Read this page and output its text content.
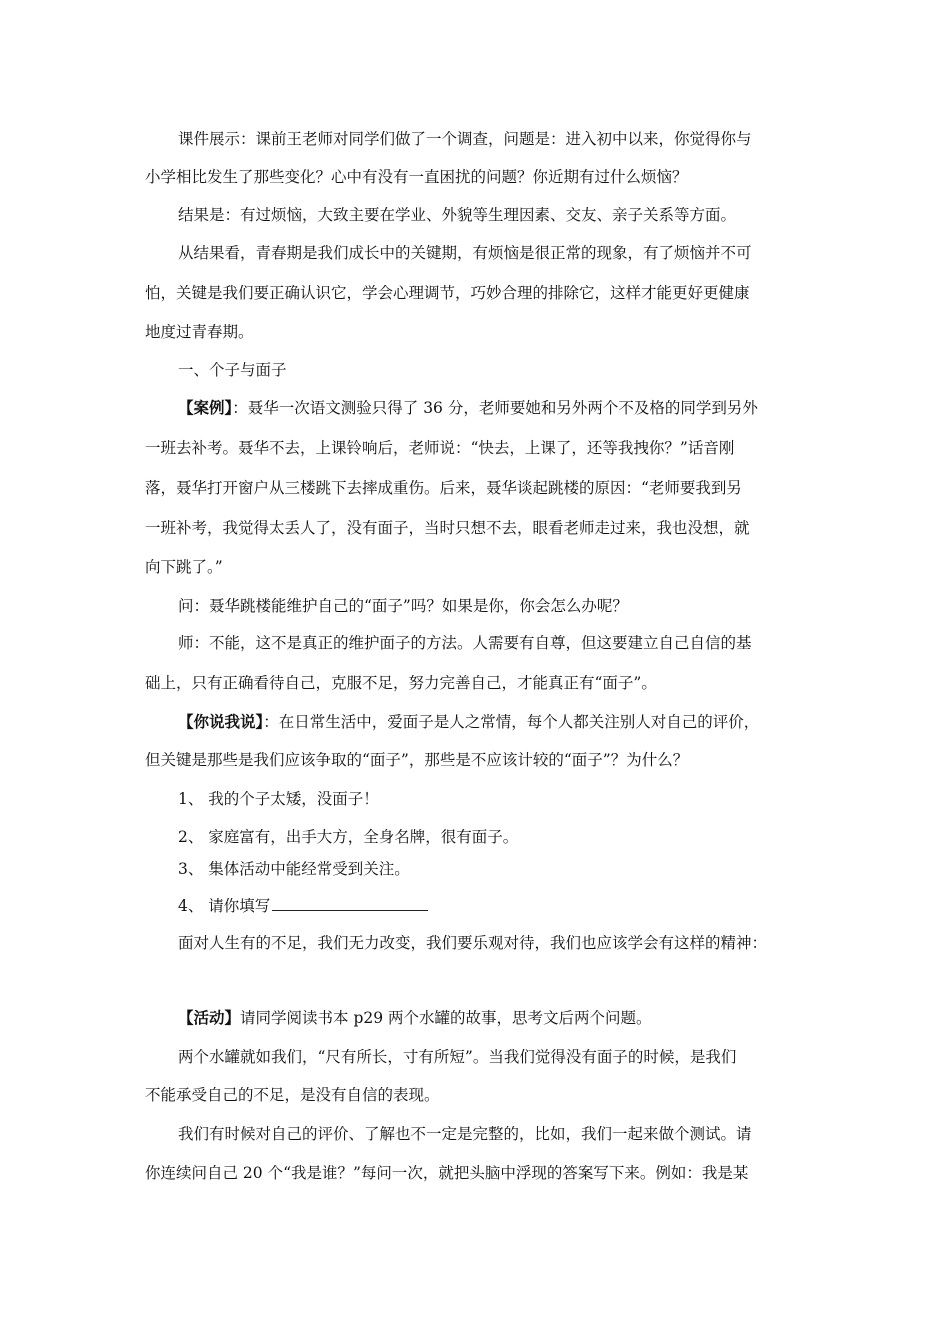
课件展示：课前王老师对同学们做了一个调查，问题是：进入初中以来，你觉得你与
小学相比发生了那些变化？心中有没有一直困扰的问题？你近期有过什么烦恼？
结果是：有过烦恼，大致主要在学业、外貌等生理因素、交友、亲子关系等方面。
从结果看，青春期是我们成长中的关键期，有烦恼是很正常的现象，有了烦恼并不可
怕，关键是我们要正确认识它，学会心理调节，巧妙合理的排除它，这样才能更好更健康
地度过青春期。
一、个子与面子
【案例】：聂华一次语文测验只得了 36 分，老师要她和另外两个不及格的同学到另外
一班去补考。聂华不去，上课铃响后，老师说：“快去，上课了，还等我拽你？”话音刚
落，聂华打开窗户从三楼跳下去摔成重伤。后来，聂华谈起跳楼的原因：“老师要我到另
一班补考，我觉得太丢人了，没有面子，当时只想不去，眼看老师走过来，我也没想，就
向下跳了。”
问：聂华跳楼能维护自己的“面子”吗？如果是你，你会怎么办呢？
师：不能，这不是真正的维护面子的方法。人需要有自尊，但这要建立自己自信的基
础上，只有正确看待自己，克服不足，努力完善自己，才能真正有“面子”。
【你说我说】：在日常生活中，爱面子是人之常情，每个人都关注别人对自己的评价，
但关键是那些是我们应该争取的“面子”，那些是不应该计较的“面子”？为什么？
1、 我的个子太矮，没面子！
2、 家庭富有，出手大方，全身名牌，很有面子。
3、 集体活动中能经常受到关注。
4、 请你填写
面对人生有的不足，我们无力改变，我们要乐观对待，我们也应该学会有这样的精神：
【活动】请同学阅读书本 p29 两个水罐的故事，思考文后两个问题。
两个水罐就如我们，“尺有所长，寸有所短”。当我们觉得没有面子的时候，是我们
不能承受自己的不足，是没有自信的表现。
我们有时候对自己的评价、了解也不一定是完整的，比如，我们一起来做个测试。请
你连续问自己 20 个“我是谁？”每问一次，就把头脑中浮现的答案写下来。例如：我是某
